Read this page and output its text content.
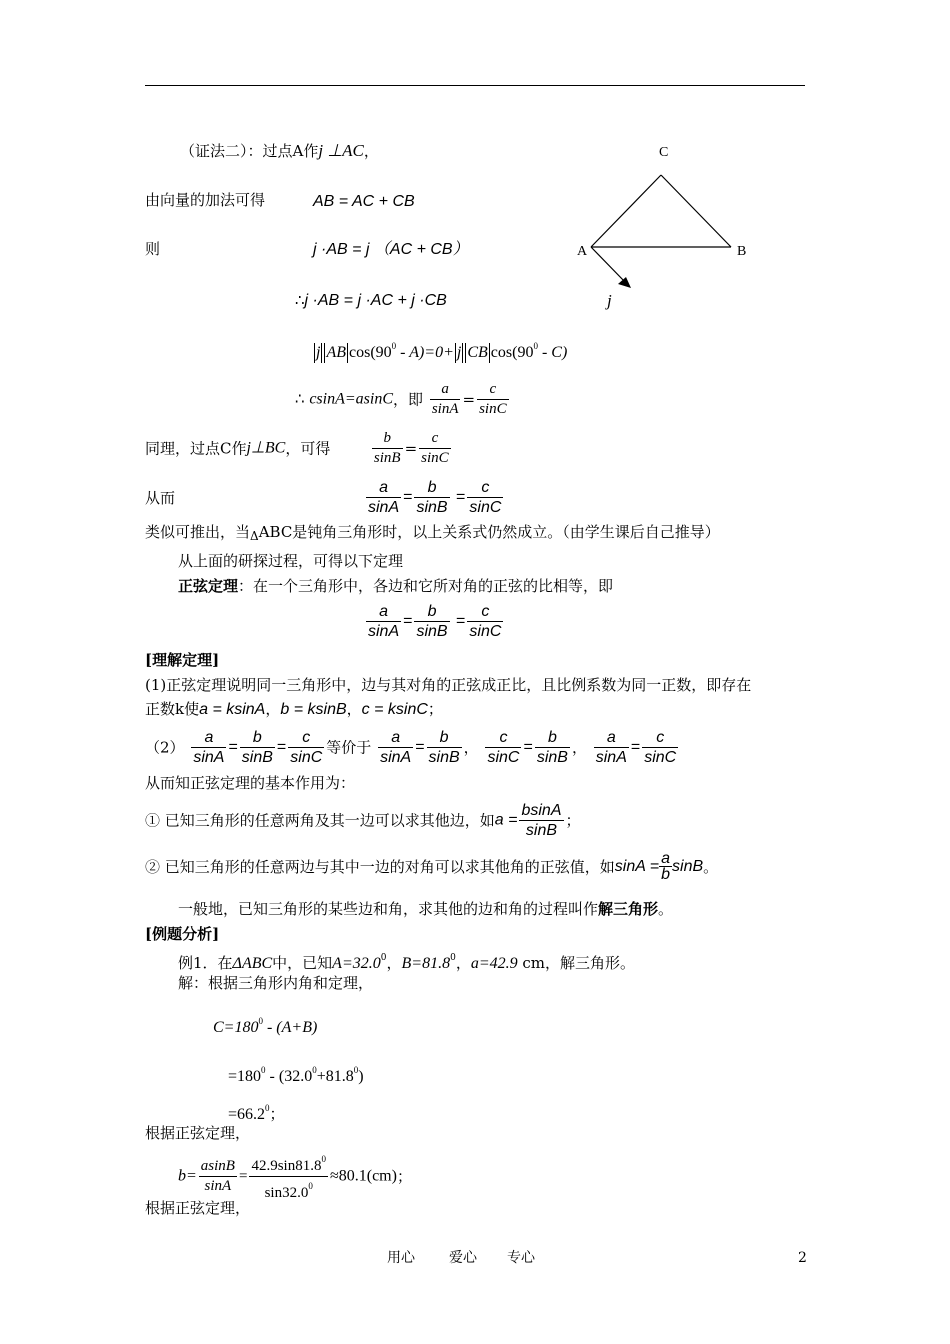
（证法二）：过点A作j ⊥AC，
由向量的加法可得	AB = AC + CB
则	j ·AB = j （AC + CB）
∴j ·AB = j ·AC + j ·CB
j AB $\cos(90^0 - A)=0+ j$ CB $\cos(90^0 - C)$
∴ csinA=asinC，即 $\frac{a}{\sin A} = \frac{c}{\sin C}$
同理，过点C作j⊥BC，可得	$\frac{b}{\sin B} = \frac{c}{\sin C}$
从而	$\frac{a}{\sin A} = \frac{b}{\sin B} = \frac{c}{\sin C}$
C
A	B
j
类似可推出，当$_\Delta$ABC是钝角三角形时，以上关系式仍然成立。（由学生课后自己推导）
从上面的研探过程，可得以下定理
正弦定理：在一个三角形中，各边和它所对角的正弦的比相等，即
$\frac{a}{\sin A} = \frac{b}{\sin B} = \frac{c}{\sin C}$
[理解定理]
(1)正弦定理说明同一三角形中，边与其对角的正弦成正比，且比例系数为同一正数，即存在
正数k使a = ksinA，b = ksinB，c = ksinC；
$(2) \frac{a}{\sin A} = \frac{b}{\sin B} = \frac{c}{\sin C}$ 等价于 $\frac{a}{\sin A} = \frac{b}{\sin B}$ ， $\frac{c}{\sin C} = \frac{b}{\sin B}$ ， $\frac{a}{\sin A} = \frac{c}{\sin C}$
从而知正弦定理的基本作用为：
① 已知三角形的任意两角及其一边可以求其他边，如$a = \frac{bsinA}{\sin B}$ ；
② 已知三角形的任意两边与其中一边的对角可以求其他角的正弦值，如$\sin A = \frac{a}{b}$ sinB。
一般地，已知三角形的某些边和角，求其他的边和角的过程叫作解三角形。
[例题分析]
例1．在ΔABC中，已知$A=32.0^0$，$B=81.8^0$，a=42.9 cm，解三角形。
解：根据三角形内角和定理，
$C=180^0 - (A+B)$
$=180^0 - (32.0^0+81.8^0)$
$=66.2^0$；
根据正弦定理，
$b= \frac{asinB}{\sin A} = \frac{42.9\sin 81.8^0}{\sin 32.0^0} \approx 80.1(cm)$；
根据正弦定理，
用心 爱心 专心	2
